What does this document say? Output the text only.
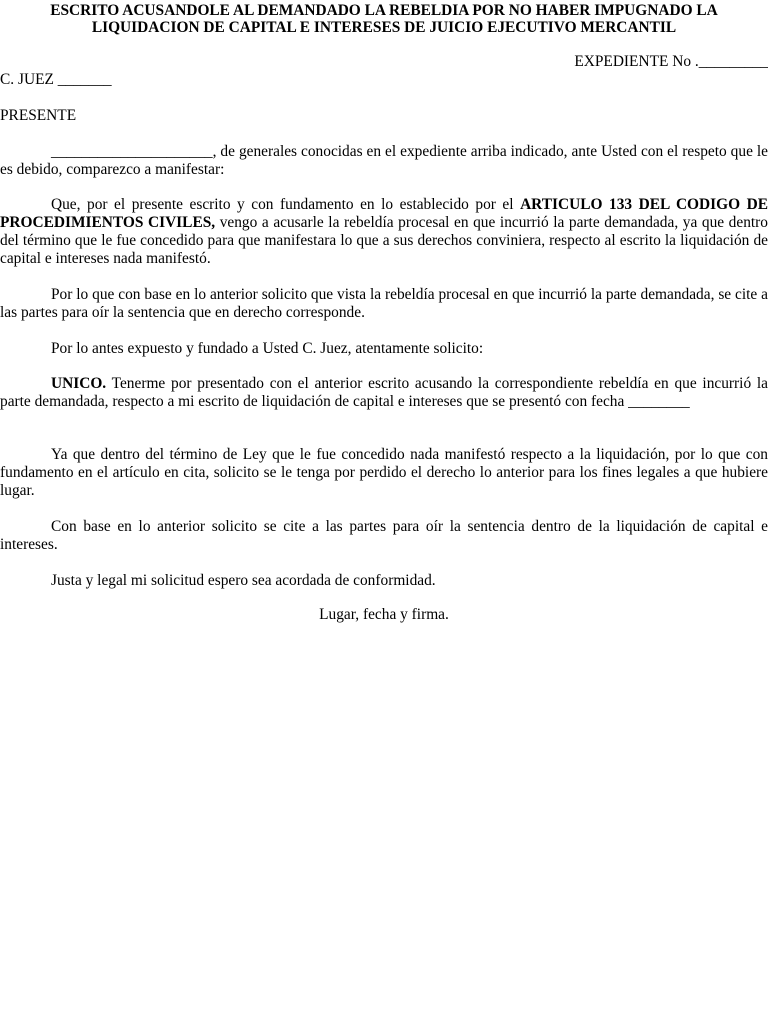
ESCRITO ACUSANDOLE AL DEMANDADO LA REBELDIA POR NO HABER IMPUGNADO LA
LIQUIDACION DE CAPITAL E INTERESES DE JUICIO EJECUTIVO MERCANTIL
EXPEDIENTE No ._________
C. JUEZ _______
PRESENTE

_____________________, de generales conocidas en el expediente arriba indicado, ante Usted con el respeto que le es debido, comparezco a manifestar:

Que, por el presente escrito y con fundamento en lo establecido por el ARTICULO 133 DEL CODIGO DE PROCEDIMIENTOS CIVILES, vengo a acusarle la rebeldía procesal en que incurrió la parte demandada, ya que dentro del término que le fue concedido para que manifestara lo que a sus derechos conviniera, respecto al escrito la liquidación de capital e intereses nada manifestó.

Por lo que con base en lo anterior solicito que vista la rebeldía procesal en que incurrió la parte demandada, se cite a las partes para oír la sentencia que en derecho corresponde.

Por lo antes expuesto y fundado a Usted C. Juez, atentamente solicito:

UNICO. Tenerme por presentado con el anterior escrito acusando la correspondiente rebeldía en que incurrió la parte demandada, respecto a mi escrito de liquidación de capital e intereses que se presentó con fecha ________

Ya que dentro del término de Ley que le fue concedido nada manifestó respecto a la liquidación, por lo que con fundamento en el artículo en cita, solicito se le tenga por perdido el derecho lo anterior para los fines legales a que hubiere lugar.

Con base en lo anterior solicito se cite a las partes para oír la sentencia dentro de la liquidación de capital e intereses.

Justa y legal mi solicitud espero sea acordada de conformidad.
Lugar, fecha y firma.
